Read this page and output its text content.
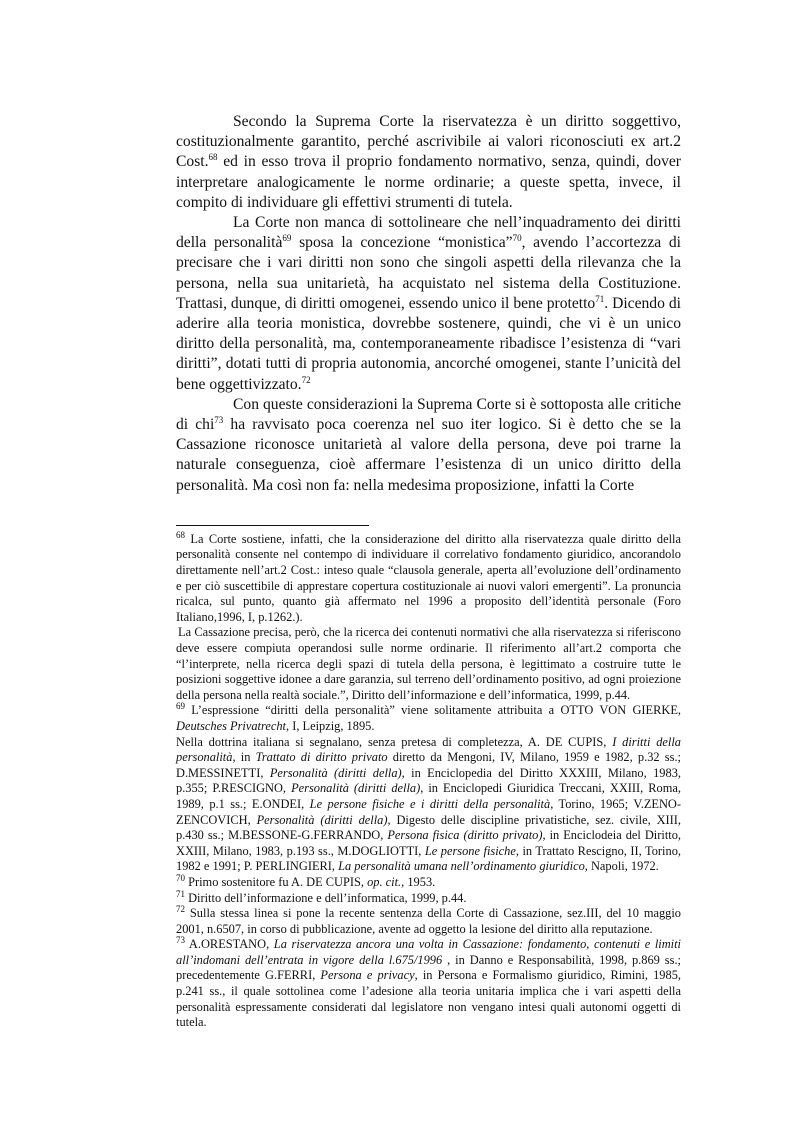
Secondo la Suprema Corte la riservatezza è un diritto soggettivo, costituzionalmente garantito, perché ascrivibile ai valori riconosciuti ex art.2 Cost.$^{68}$ ed in esso trova il proprio fondamento normativo, senza, quindi, dover interpretare analogicamente le norme ordinarie; a queste spetta, invece, il compito di individuare gli effettivi strumenti di tutela.

La Corte non manca di sottolineare che nell’inquadramento dei diritti della personalità$^{69}$ sposa la concezione “monistica”$^{70}$, avendo l’accortezza di precisare che i vari diritti non sono che singoli aspetti della rilevanza che la persona, nella sua unitarietà, ha acquistato nel sistema della Costituzione. Trattasi, dunque, di diritti omogenei, essendo unico il bene protetto$^{71}$. Dicendo di aderire alla teoria monistica, dovrebbe sostenere, quindi, che vi è un unico diritto della personalità, ma, contemporaneamente ribadisce l’esistenza di “vari diritti”, dotati tutti di propria autonomia, ancorché omogenei, stante l’unicità del bene oggettivizzato.$^{72}$

Con queste considerazioni la Suprema Corte si è sottoposta alle critiche di chi$^{73}$ ha ravvisato poca coerenza nel suo iter logico. Si è detto che se la Cassazione riconosce unitarietà al valore della persona, deve poi trarne la naturale conseguenza, cioè affermare l’esistenza di un unico diritto della personalità. Ma così non fa: nella medesima proposizione, infatti la Corte

$^{68}$ La Corte sostiene, infatti, che la considerazione del diritto alla riservatezza quale diritto della personalità consente nel contempo di individuare il correlativo fondamento giuridico, ancorandolo direttamente nell’art.2 Cost.: inteso quale “clausola generale, aperta all’evoluzione dell’ordinamento e per ciò suscettibile di apprestare copertura costituzionale ai nuovi valori emergenti”. La pronuncia ricalca, sul punto, quanto già affermato nel 1996 a proposito dell’identità personale (Foro Italiano,1996, I, p.1262.).

La Cassazione precisa, però, che la ricerca dei contenuti normativi che alla riservatezza si riferiscono deve essere compiuta operandosi sulle norme ordinarie. Il riferimento all’art.2 comporta che “l’interprete, nella ricerca degli spazi di tutela della persona, è legittimato a costruire tutte le posizioni soggettive idonee a dare garanzia, sul terreno dell’ordinamento positivo, ad ogni proiezione della persona nella realtà sociale.”, Diritto dell’informazione e dell’informatica, 1999, p.44.

$^{69}$ L’espressione “diritti della personalità” viene solitamente attribuita a OTTO VON GIERKE, Deutsches Privatrecht, I, Leipzig, 1895.

Nella dottrina italiana si segnalano, senza pretesa di completezza, A. DE CUPIS, I diritti della personalità, in Trattato di diritto privato diretto da Mengoni, IV, Milano, 1959 e 1982, p.32 ss.; D.MESSINETTI, Personalità (diritti della), in Enciclopedia del Diritto XXXIII, Milano, 1983, p.355; P.RESCIGNO, Personalità (diritti della), in Enciclopedi Giuridica Treccani, XXIII, Roma, 1989, p.1 ss.; E.ONDEI, Le persone fisiche e i diritti della personalità, Torino, 1965; V.ZENO-ZENCOVICH, Personalità (diritti della), Digesto delle discipline privatistiche, sez. civile, XIII, p.430 ss.; M.BESSONE-G.FERRANDO, Persona fisica (diritto privato), in Enciclodeia del Diritto, XXIII, Milano, 1983, p.193 ss., M.DOGLIOTTI, Le persone fisiche, in Trattato Rescigno, II, Torino, 1982 e 1991; P. PERLINGIERI, La personalità umana nell’ordinamento giuridico, Napoli, 1972.

$^{70}$ Primo sostenitore fu A. DE CUPIS, op. cit., 1953.

$^{71}$ Diritto dell’informazione e dell’informatica, 1999, p.44.

$^{72}$ Sulla stessa linea si pone la recente sentenza della Corte di Cassazione, sez.III, del 10 maggio 2001, n.6507, in corso di pubblicazione, avente ad oggetto la lesione del diritto alla reputazione.

$^{73}$ A.ORESTANO, La riservatezza ancora una volta in Cassazione: fondamento, contenuti e limiti all’indomani dell’entrata in vigore della l.675/1996 , in Danno e Responsabilità, 1998, p.869 ss.; precedentemente G.FERRI, Persona e privacy, in Persona e Formalismo giuridico, Rimini, 1985, p.241 ss., il quale sottolinea come l’adesione alla teoria unitaria implica che i vari aspetti della personalità espressamente considerati dal legislatore non vengano intesi quali autonomi oggetti di tutela.
